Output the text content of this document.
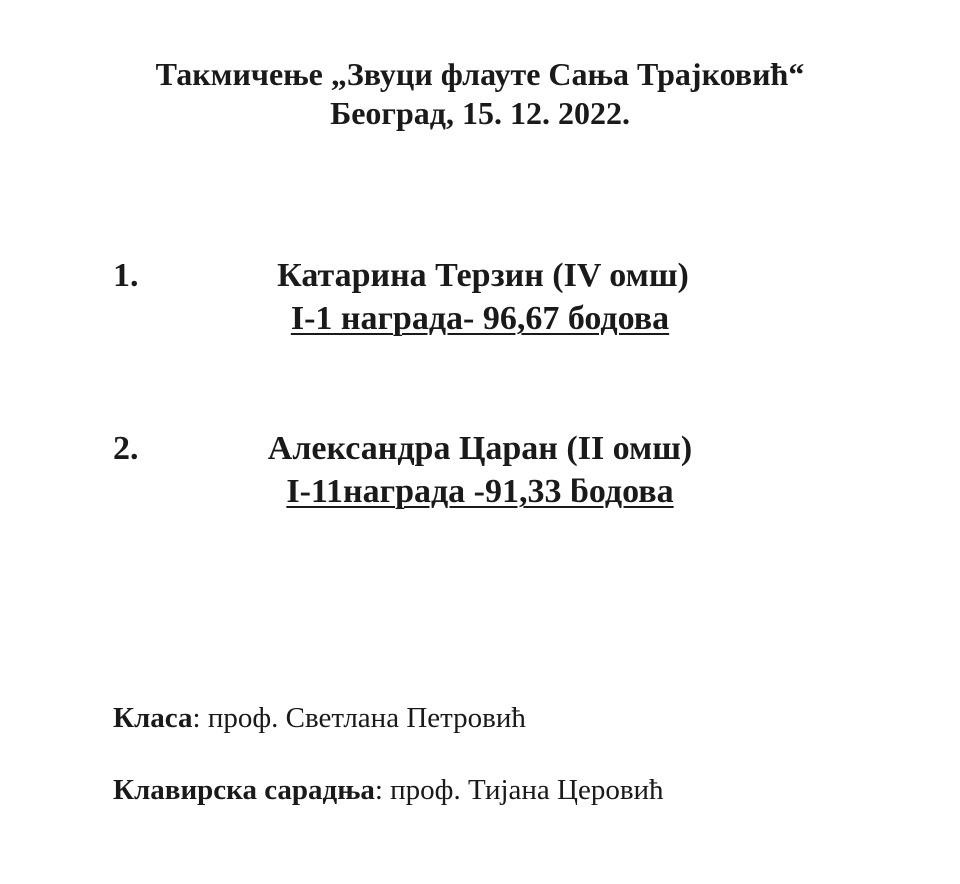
Такмичење „Звуци флауте Сања Трајковић“
Београд, 15. 12. 2022.
1.	Катарина Терзин (IV омш)
I-1 награда- 96,67 бодова
2.	Александра Царан (II омш)
I-11награда -91,33 ƃодова
Класа: проф. Светлана Петровић
Клавирска сарадња: проф. Тијана Церовић
